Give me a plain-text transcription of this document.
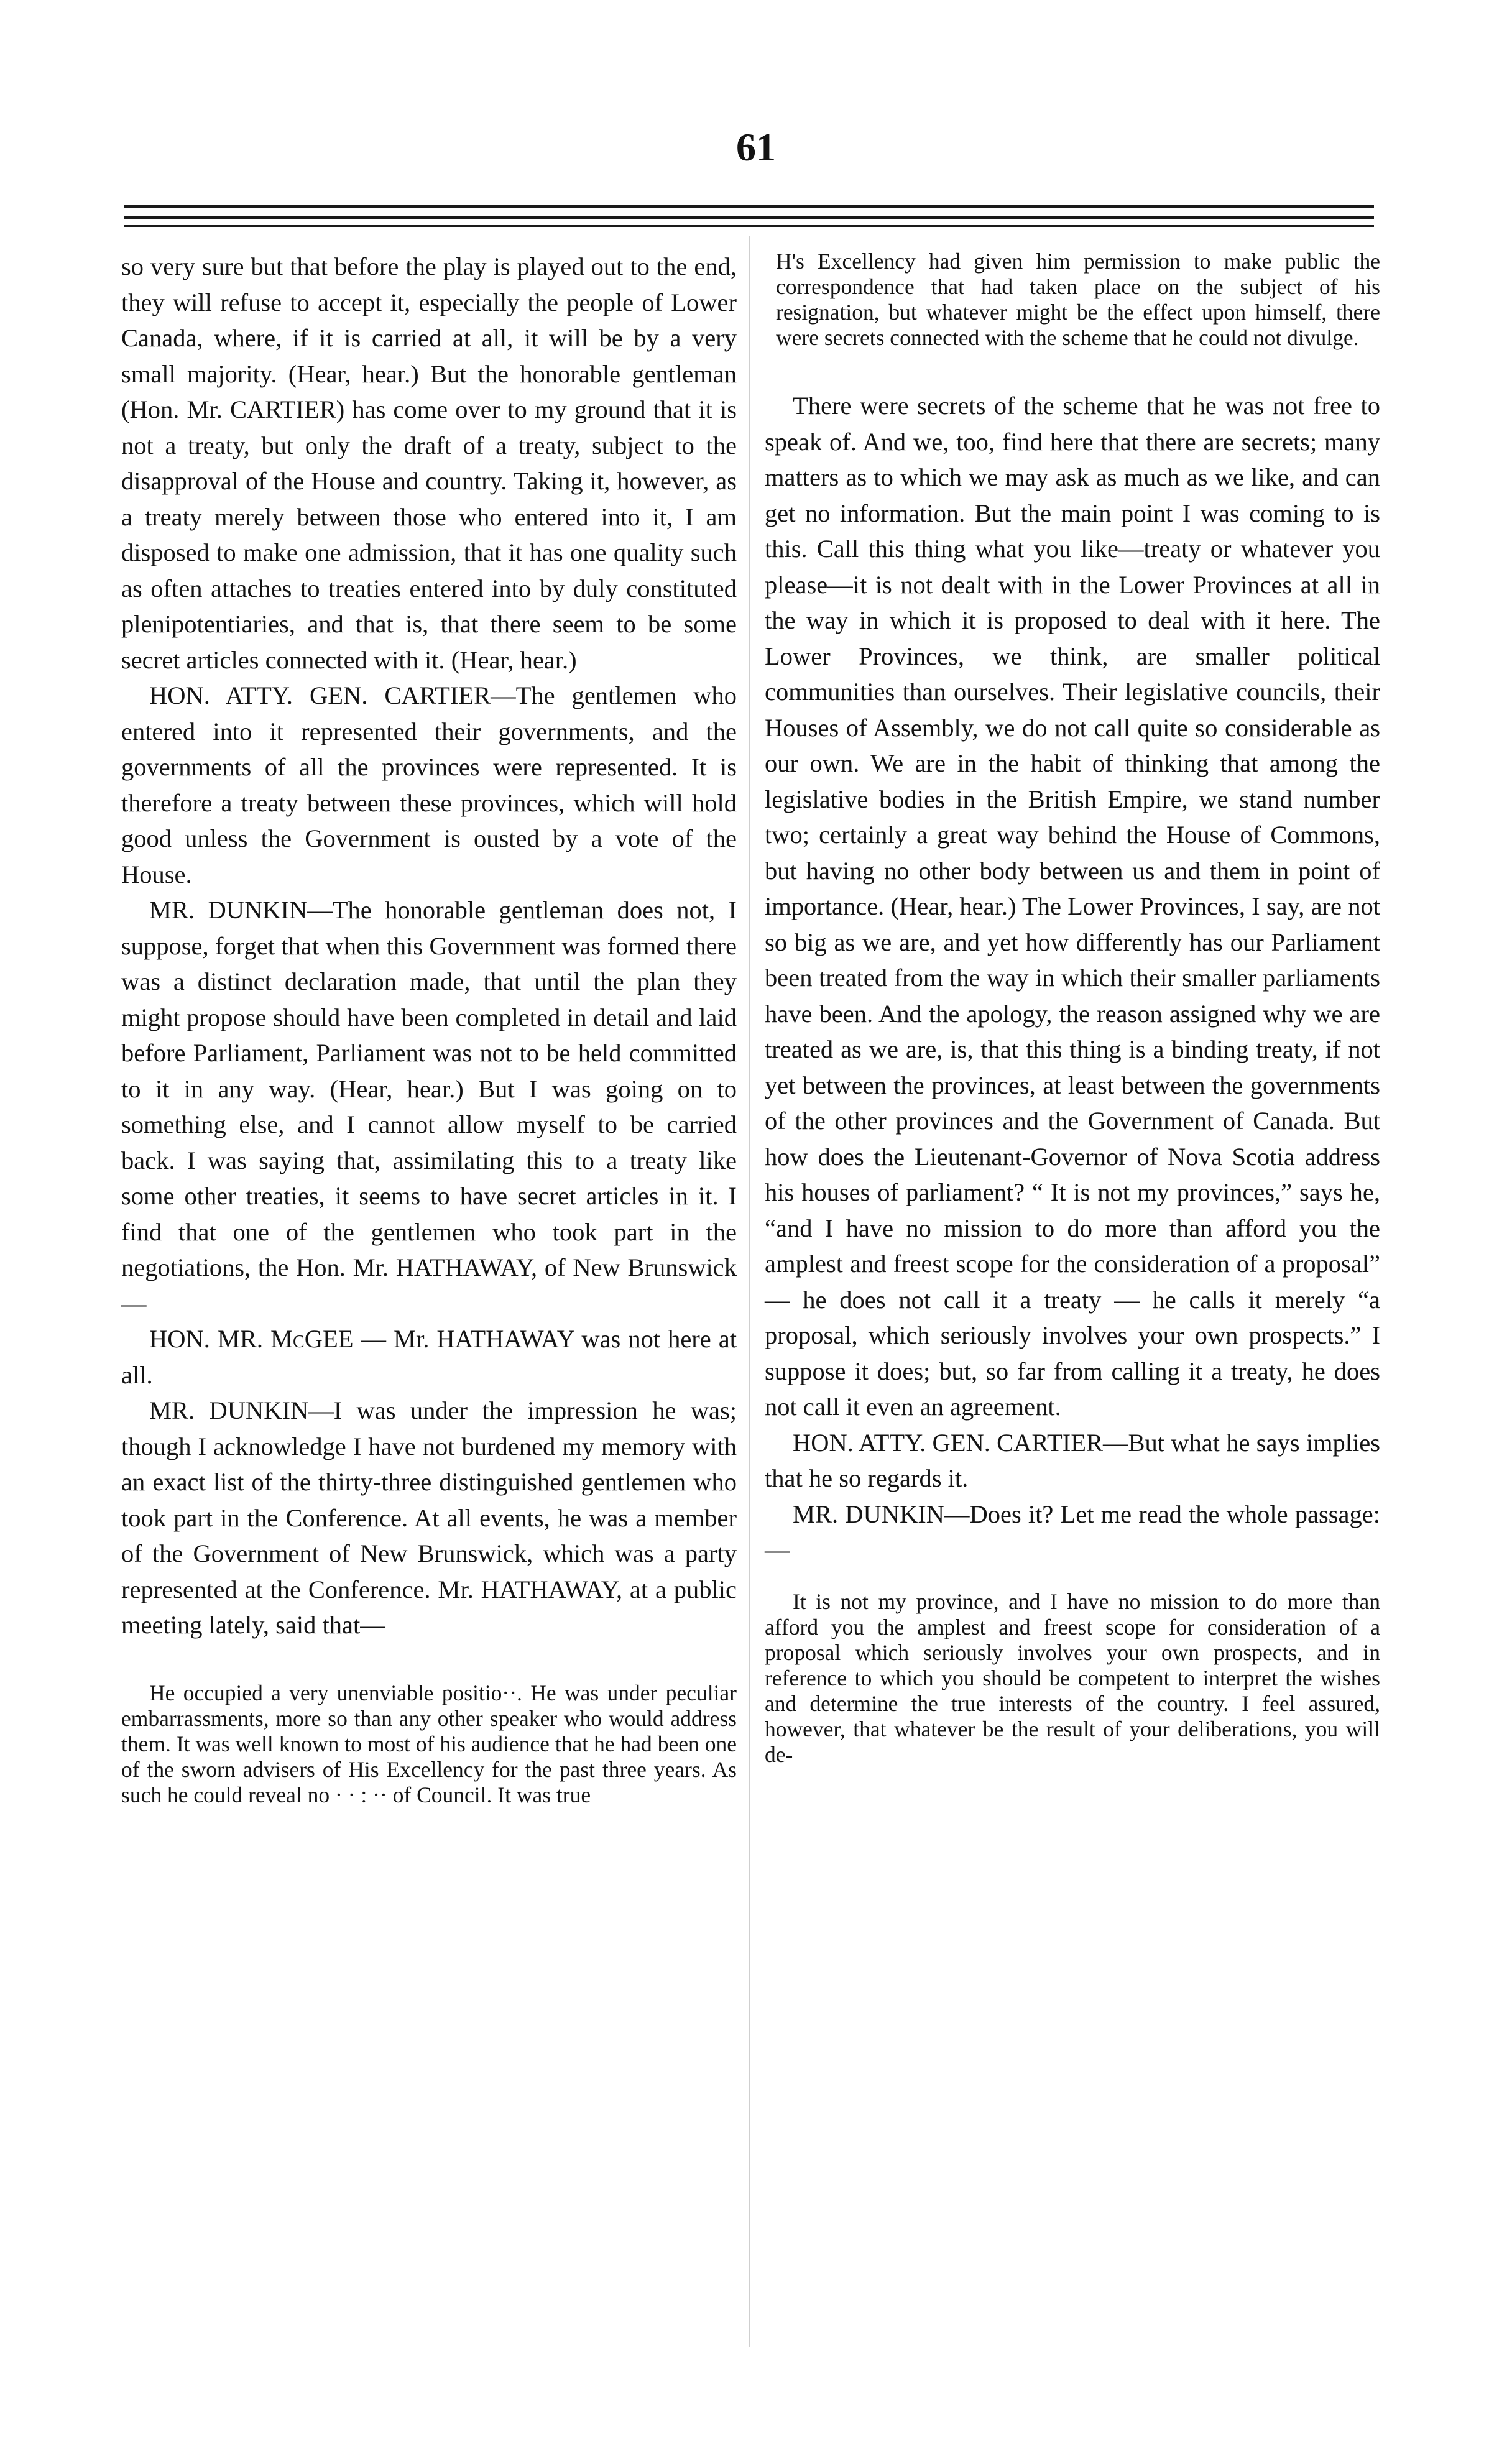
61

so very sure but that before the play is played out to the end, they will refuse to accept it, especially the people of Lower Canada, where, if it is carried at all, it will be by a very small majority. (Hear, hear.) But the honorable gentleman (Hon. Mr. CARTIER) has come over to my ground that it is not a treaty, but only the draft of a treaty, subject to the disapproval of the House and country. Taking it, however, as a treaty merely between those who entered into it, I am disposed to make one admission, that it has one quality such as often attaches to treaties entered into by duly constituted plenipotentiaries, and that is, that there seem to be some secret articles connected with it. (Hear, hear.)

HON. ATTY. GEN. CARTIER—The gentlemen who entered into it represented their governments, and the governments of all the provinces were represented. It is therefore a treaty between these provinces, which will hold good unless the Government is ousted by a vote of the House.

MR. DUNKIN—The honorable gentleman does not, I suppose, forget that when this Government was formed there was a distinct declaration made, that until the plan they might propose should have been completed in detail and laid before Parliament, Parliament was not to be held committed to it in any way. (Hear, hear.) But I was going on to something else, and I cannot allow myself to be carried back. I was saying that, assimilating this to a treaty like some other treaties, it seems to have secret articles in it. I find that one of the gentlemen who took part in the negotiations, the Hon. Mr. HATHAWAY, of New Brunswick—

HON. MR. McGEE — Mr. HATHAWAY was not here at all.

MR. DUNKIN—I was under the impression he was; though I acknowledge I have not burdened my memory with an exact list of the thirty-three distinguished gentlemen who took part in the Conference. At all events, he was a member of the Government of New Brunswick, which was a party represented at the Conference. Mr. HATHAWAY, at a public meeting lately, said that—

He occupied a very unenviable positio··. He was under peculiar embarrassments, more so than any other speaker who would address them. It was well known to most of his audience that he had been one of the sworn advisers of His Excellency for the past three years. As such he could reveal no · · : ·· of Council. It was true

H's Excellency had given him permission to make public the correspondence that had taken place on the subject of his resignation, but whatever might be the effect upon himself, there were secrets connected with the scheme that he could not divulge.

There were secrets of the scheme that he was not free to speak of. And we, too, find here that there are secrets; many matters as to which we may ask as much as we like, and can get no information. But the main point I was coming to is this. Call this thing what you like—treaty or whatever you please—it is not dealt with in the Lower Provinces at all in the way in which it is proposed to deal with it here. The Lower Provinces, we think, are smaller political communities than ourselves. Their legislative councils, their Houses of Assembly, we do not call quite so considerable as our own. We are in the habit of thinking that among the legislative bodies in the British Empire, we stand number two; certainly a great way behind the House of Commons, but having no other body between us and them in point of importance. (Hear, hear.) The Lower Provinces, I say, are not so big as we are, and yet how differently has our Parliament been treated from the way in which their smaller parliaments have been. And the apology, the reason assigned why we are treated as we are, is, that this thing is a binding treaty, if not yet between the provinces, at least between the governments of the other provinces and the Government of Canada. But how does the Lieutenant-Governor of Nova Scotia address his houses of parliament? “ It is not my provinces,” says he, “and I have no mission to do more than afford you the amplest and freest scope for the consideration of a proposal” — he does not call it a treaty — he calls it merely “a proposal, which seriously involves your own prospects.” I suppose it does; but, so far from calling it a treaty, he does not call it even an agreement.

HON. ATTY. GEN. CARTIER—But what he says implies that he so regards it.

MR. DUNKIN—Does it? Let me read the whole passage:—

It is not my province, and I have no mission to do more than afford you the amplest and freest scope for consideration of a proposal which seriously involves your own prospects, and in reference to which you should be competent to interpret the wishes and determine the true interests of the country. I feel assured, however, that whatever be the result of your deliberations, you will de-
